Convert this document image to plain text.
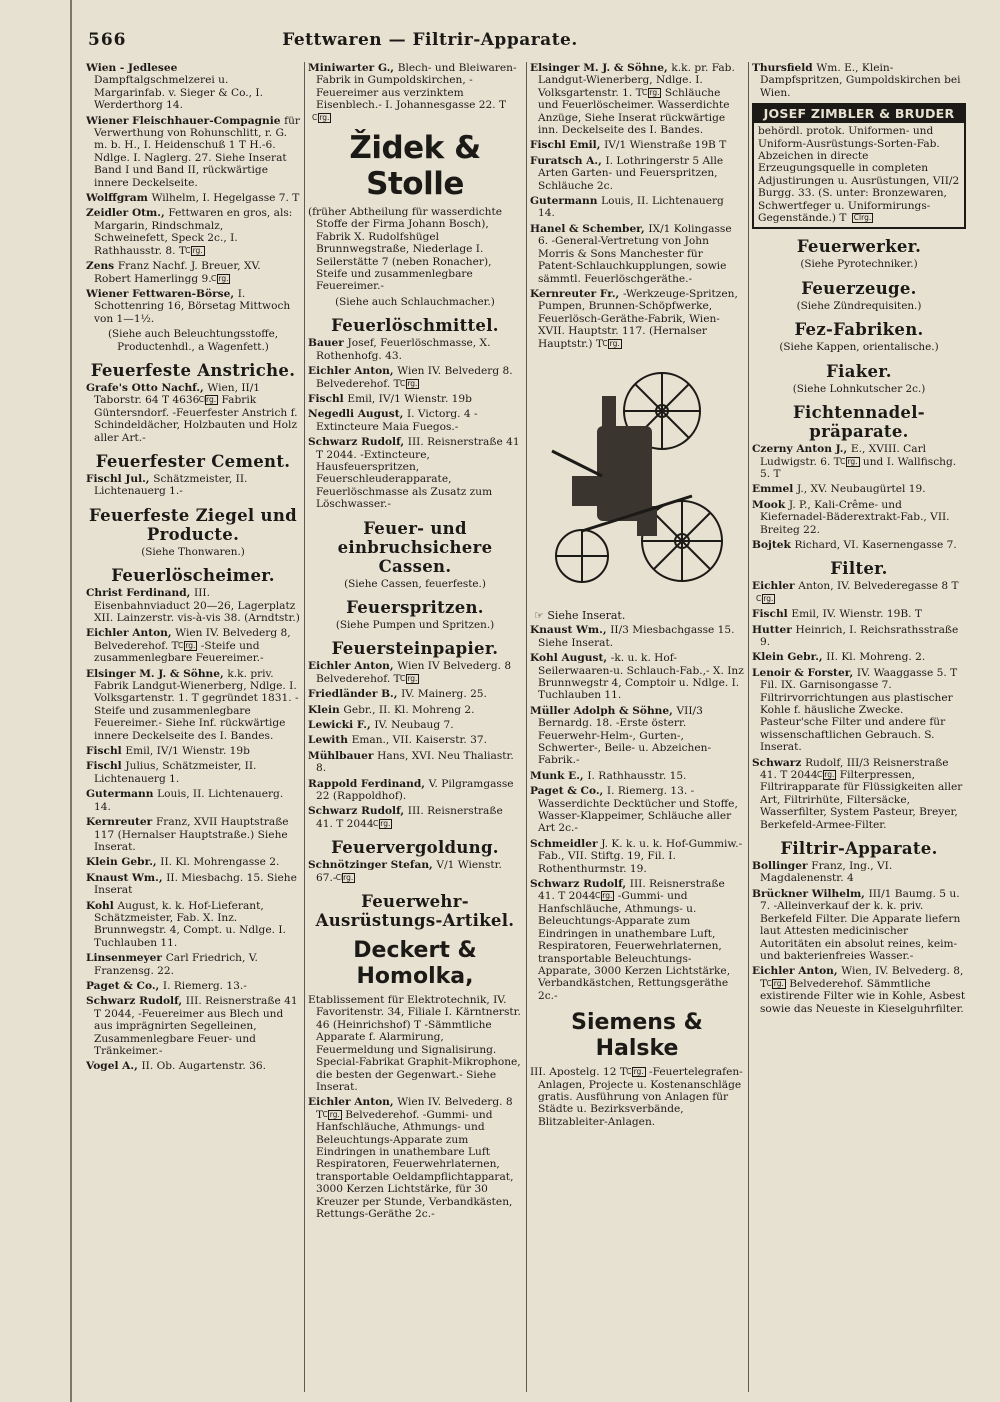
566	Fettwaren — Filtrir-Apparate.
Wien - Jedlesee Dampftalgschmelzerei u. Margarinfab. v. Sieger & Co., I. Werderthorg 14.
Wiener Fleischhauer-Compagnie für Verwerthung von Rohunschlitt, r. G. m. b. H., I. Heidenschuß 1 T H.-6. Ndlge. I. Naglerg. 27. Siehe Inserat Band I und Band II, rückwärtige innere Deckelseite.
Wolffgram Wilhelm, I. Hegelgasse 7. T
Zeidler Otm., Fettwaren en gros, als: Margarin, Rindschmalz, Schweinefett, Speck 2c., I. Rathhausstr. 8. T Clrg.
Zens Franz Nachf. J. Breuer, XV. Robert Hamerlingg 9. Clrg.
Wiener Fettwaren-Börse, I. Schottenring 16, Börsetag Mittwoch von 1—1½.
(Siehe auch Beleuchtungsstoffe, Productenhdl., a Wagenfett.)
Feuerfeste Anstriche.
Grafe's Otto Nachf., Wien, II/1 Taborstr. 64 T 4636 Clrg. Fabrik Güntersndorf. -Feuerfester Anstrich f. Schindeldächer, Holzbauten und Holz aller Art.-
Feuerfester Cement.
Fischl Jul., Schätzmeister, II. Lichtenauerg 1.-
Feuerfeste Ziegel und Producte.
(Siehe Thonwaren.)
Feuerlöscheimer.
Christ Ferdinand, III. Eisenbahnviaduct 20—26, Lagerplatz XII. Lainzerstr. vis-à-vis 38. (Arndtstr.)
Eichler Anton, Wien IV. Belvederg 8, Belvederehof. T Clrg. -Steife und zusammenlegbare Feuereimer.-
Elsinger M. J. & Söhne, k.k. priv. Fabrik Landgut-Wienerberg, Ndlge. I. Volksgartenstr. 1. T gegründet 1831. -Steife und zusammenlegbare Feuereimer.- Siehe Inf. rückwärtige innere Deckelseite des I. Bandes.
Fischl Emil, IV/1 Wienstr. 19b
Fischl Julius, Schätzmeister, II. Lichtenauerg 1.
Gutermann Louis, II. Lichtenauerg. 14.
Kernreuter Franz, XVII Hauptstraße 117 (Hernalser Hauptstraße.) Siehe Inserat.
Klein Gebr., II. Kl. Mohrengasse 2.
Knaust Wm., II. Miesbachg. 15. Siehe Inserat
Kohl August, k. k. Hof-Lieferant, Schätzmeister, Fab. X. Inz. Brunnwegstr. 4, Compt. u. Ndlge. I. Tuchlauben 11.
Linsenmeyer Carl Friedrich, V. Franzensg. 22.
Paget & Co., I. Riemerg. 13.-
Schwarz Rudolf, III. Reisnerstraße 41 T 2044, -Feuereimer aus Blech und aus imprägnirten Segelleinen, Zusammenlegbare Feuer- und Tränkeimer.-
Vogel A., II. Ob. Augartenstr. 36.
Miniwarter G., Blech- und Bleiwaren-Fabrik in Gumpoldskirchen, -Feuereimer aus verzinktem Eisenblech.- I. Johannesgasse 22. T Clrg.
Židek & Stolle
(früher Abtheilung für wasserdichte Stoffe der Firma Johann Bosch), Fabrik X. Rudolfshügel Brunnwegstraße, Niederlage I. Seilerstätte 7 (neben Ronacher), Steife und zusammenlegbare Feuereimer.-
(Siehe auch Schlauchmacher.)
Feuerlöschmittel.
Bauer Josef, Feuerlöschmasse, X. Rothenhofg. 43.
Eichler Anton, Wien IV. Belvederg 8. Belvederehof. T Clrg.
Fischl Emil, IV/1 Wienstr. 19b
Negedli August, I. Victorg. 4 -Extincteure Maia Fuegos.-
Schwarz Rudolf, III. Reisnerstraße 41 T 2044. -Extincteure, Hausfeuerspritzen, Feuerschleuderapparate, Feuerlöschmasse als Zusatz zum Löschwasser.-
Feuer- und einbruchsichere Cassen.
(Siehe Cassen, feuerfeste.)
Feuerspritzen.
(Siehe Pumpen und Spritzen.)
Feuersteinpapier.
Eichler Anton, Wien IV Belvederg. 8 Belvederehof. T Clrg.
Friedländer B., IV. Mainerg. 25.
Klein Gebr., II. Kl. Mohreng 2.
Lewicki F., IV. Neubaug 7.
Lewith Eman., VII. Kaiserstr. 37.
Mühlbauer Hans, XVI. Neu Thaliastr. 8.
Rappold Ferdinand, V. Pilgramgasse 22 (Rappoldhof).
Schwarz Rudolf, III. Reisnerstraße 41. T 2044 Clrg.
Feuervergoldung.
Schnötzinger Stefan, V/1 Wienstr. 67.- Clrg.
Feuerwehr-Ausrüstungs-Artikel.
Deckert & Homolka,
Etablissement für Elektrotechnik, IV. Favoritenstr. 34, Filiale I. Kärntnerstr. 46 (Heinrichshof) T -Sämmtliche Apparate f. Alarmirung, Feuermeldung und Signalisirung. Special-Fabrikat Graphit-Mikrophone, die besten der Gegenwart.- Siehe Inserat.
Eichler Anton, Wien IV. Belvederg. 8 T Clrg. Belvederehof. -Gummi- und Hanfschläuche, Athmungs- und Beleuchtungs-Apparate zum Eindringen in unathembare Luft Respiratoren, Feuerwehrlaternen, transportable Oeldampflichtapparat, 3000 Kerzen Lichtstärke, für 30 Kreuzer per Stunde, Verbandkästen, Rettungs-Geräthe 2c.-
Elsinger M. J. & Söhne, k.k. pr. Fab. Landgut-Wienerberg, Ndlge. I. Volksgartenstr. 1. T Clrg. Schläuche und Feuerlöscheimer. Wasserdichte Anzüge, Siehe Inserat rückwärtige inn. Deckelseite des I. Bandes.
Fischl Emil, IV/1 Wienstraße 19B T
Furatsch A., I. Lothringerstr 5 Alle Arten Garten- und Feuerspritzen, Schläuche 2c.
Gutermann Louis, II. Lichtenauerg 14.
Hanel & Schember, IX/1 Kolingasse 6. -General-Vertretung von John Morris & Sons Manchester für Patent-Schlauchkupplungen, sowie sämmtl. Feuerlöschgeräthe.-
Kernreuter Fr., -Werkzeuge-Spritzen, Pumpen, Brunnen-Schöpfwerke, Feuerlösch-Geräthe-Fabrik, Wien- XVII. Hauptstr. 117. (Hernalser Hauptstr.) T Clrg.
☞ Siehe Inserat.
Knaust Wm., II/3 Miesbachgasse 15. Siehe Inserat.
Kohl August, -k. u. k. Hof-Seilerwaaren-u. Schlauch-Fab.,- X. Inz Brunnwegstr 4, Comptoir u. Ndlge. I. Tuchlauben 11.
Müller Adolph & Söhne, VII/3 Bernardg. 18. -Erste österr. Feuerwehr-Helm-, Gurten-, Schwerter-, Beile- u. Abzeichen-Fabrik.-
Munk E., I. Rathhausstr. 15.
Paget & Co., I. Riemerg. 13. -Wasserdichte Decktücher und Stoffe, Wasser-Klappeimer, Schläuche aller Art 2c.-
Schmeidler J. K. k. u. k. Hof-Gummiw.-Fab., VII. Stiftg. 19, Fil. I. Rothenthurmstr. 19.
Schwarz Rudolf, III. Reisnerstraße 41. T 2044 Clrg. -Gummi- und Hanfschläuche, Athmungs- u. Beleuchtungs-Apparate zum Eindringen in unathembare Luft, Respiratoren, Feuerwehrlaternen, transportable Beleuchtungs-Apparate, 3000 Kerzen Lichtstärke, Verbandkästchen, Rettungsgeräthe 2c.-
Siemens & Halske
III. Apostelg. 12 T Clrg. -Feuertelegrafen-Anlagen, Projecte u. Kostenanschläge gratis. Ausführung von Anlagen für Städte u. Bezirksverbände, Blitzableiter-Anlagen.
Thursfield Wm. E., Klein-Dampfspritzen, Gumpoldskirchen bei Wien.
JOSEF ZIMBLER & BRUDER
behördl. protok. Uniformen- und Uniform-Ausrüstungs-Sorten-Fab. Abzeichen in directe Erzeugungsquelle in completen Adjustirungen u. Ausrüstungen, VII/2 Burgg. 33. (S. unter: Bronzewaren, Schwertfeger u. Uniformirungs-Gegenstände.) T Clrg.
Feuerwerker.
(Siehe Pyrotechniker.)
Feuerzeuge.
(Siehe Zündrequisiten.)
Fez-Fabriken.
(Siehe Kappen, orientalische.)
Fiaker.
(Siehe Lohnkutscher 2c.)
Fichtennadel-präparate.
Czerny Anton J., E., XVIII. Carl Ludwigstr. 6. T Clrg. und I. Wallfischg. 5. T
Emmel J., XV. Neubaugürtel 19.
Mook J. P., Kali-Crême- und Kiefernadel-Bäderextrakt-Fab., VII. Breiteg 22.
Bojtek Richard, VI. Kasernengasse 7.
Filter.
Eichler Anton, IV. Belvederegasse 8 T Clrg.
Fischl Emil, IV. Wienstr. 19B. T
Hutter Heinrich, I. Reichsrathsstraße 9.
Klein Gebr., II. Kl. Mohreng. 2.
Lenoir & Forster, IV. Waaggasse 5. T Fil. IX. Garnisongasse 7. Filtrirvorrichtungen aus plastischer Kohle f. häusliche Zwecke. Pasteur'sche Filter und andere für wissenschaftlichen Gebrauch. S. Inserat.
Schwarz Rudolf, III/3 Reisnerstraße 41. T 2044 Clrg. Filterpressen, Filtrirapparate für Flüssigkeiten aller Art, Filtrirhüte, Filtersäcke, Wasserfilter, System Pasteur, Breyer, Berkefeld-Armee-Filter.
Filtrir-Apparate.
Bollinger Franz, Ing., VI. Magdalenenstr. 4
Brückner Wilhelm, III/1 Baumg. 5 u. 7. -Alleinverkauf der k. k. priv. Berkefeld Filter. Die Apparate liefern laut Attesten medicinischer Autoritäten ein absolut reines, keim- und bakterienfreies Wasser.-
Eichler Anton, Wien, IV. Belvederg. 8, T Clrg. Belvederehof. Sämmtliche existirende Filter wie in Kohle, Asbest sowie das Neueste in Kieselguhrfilter.
